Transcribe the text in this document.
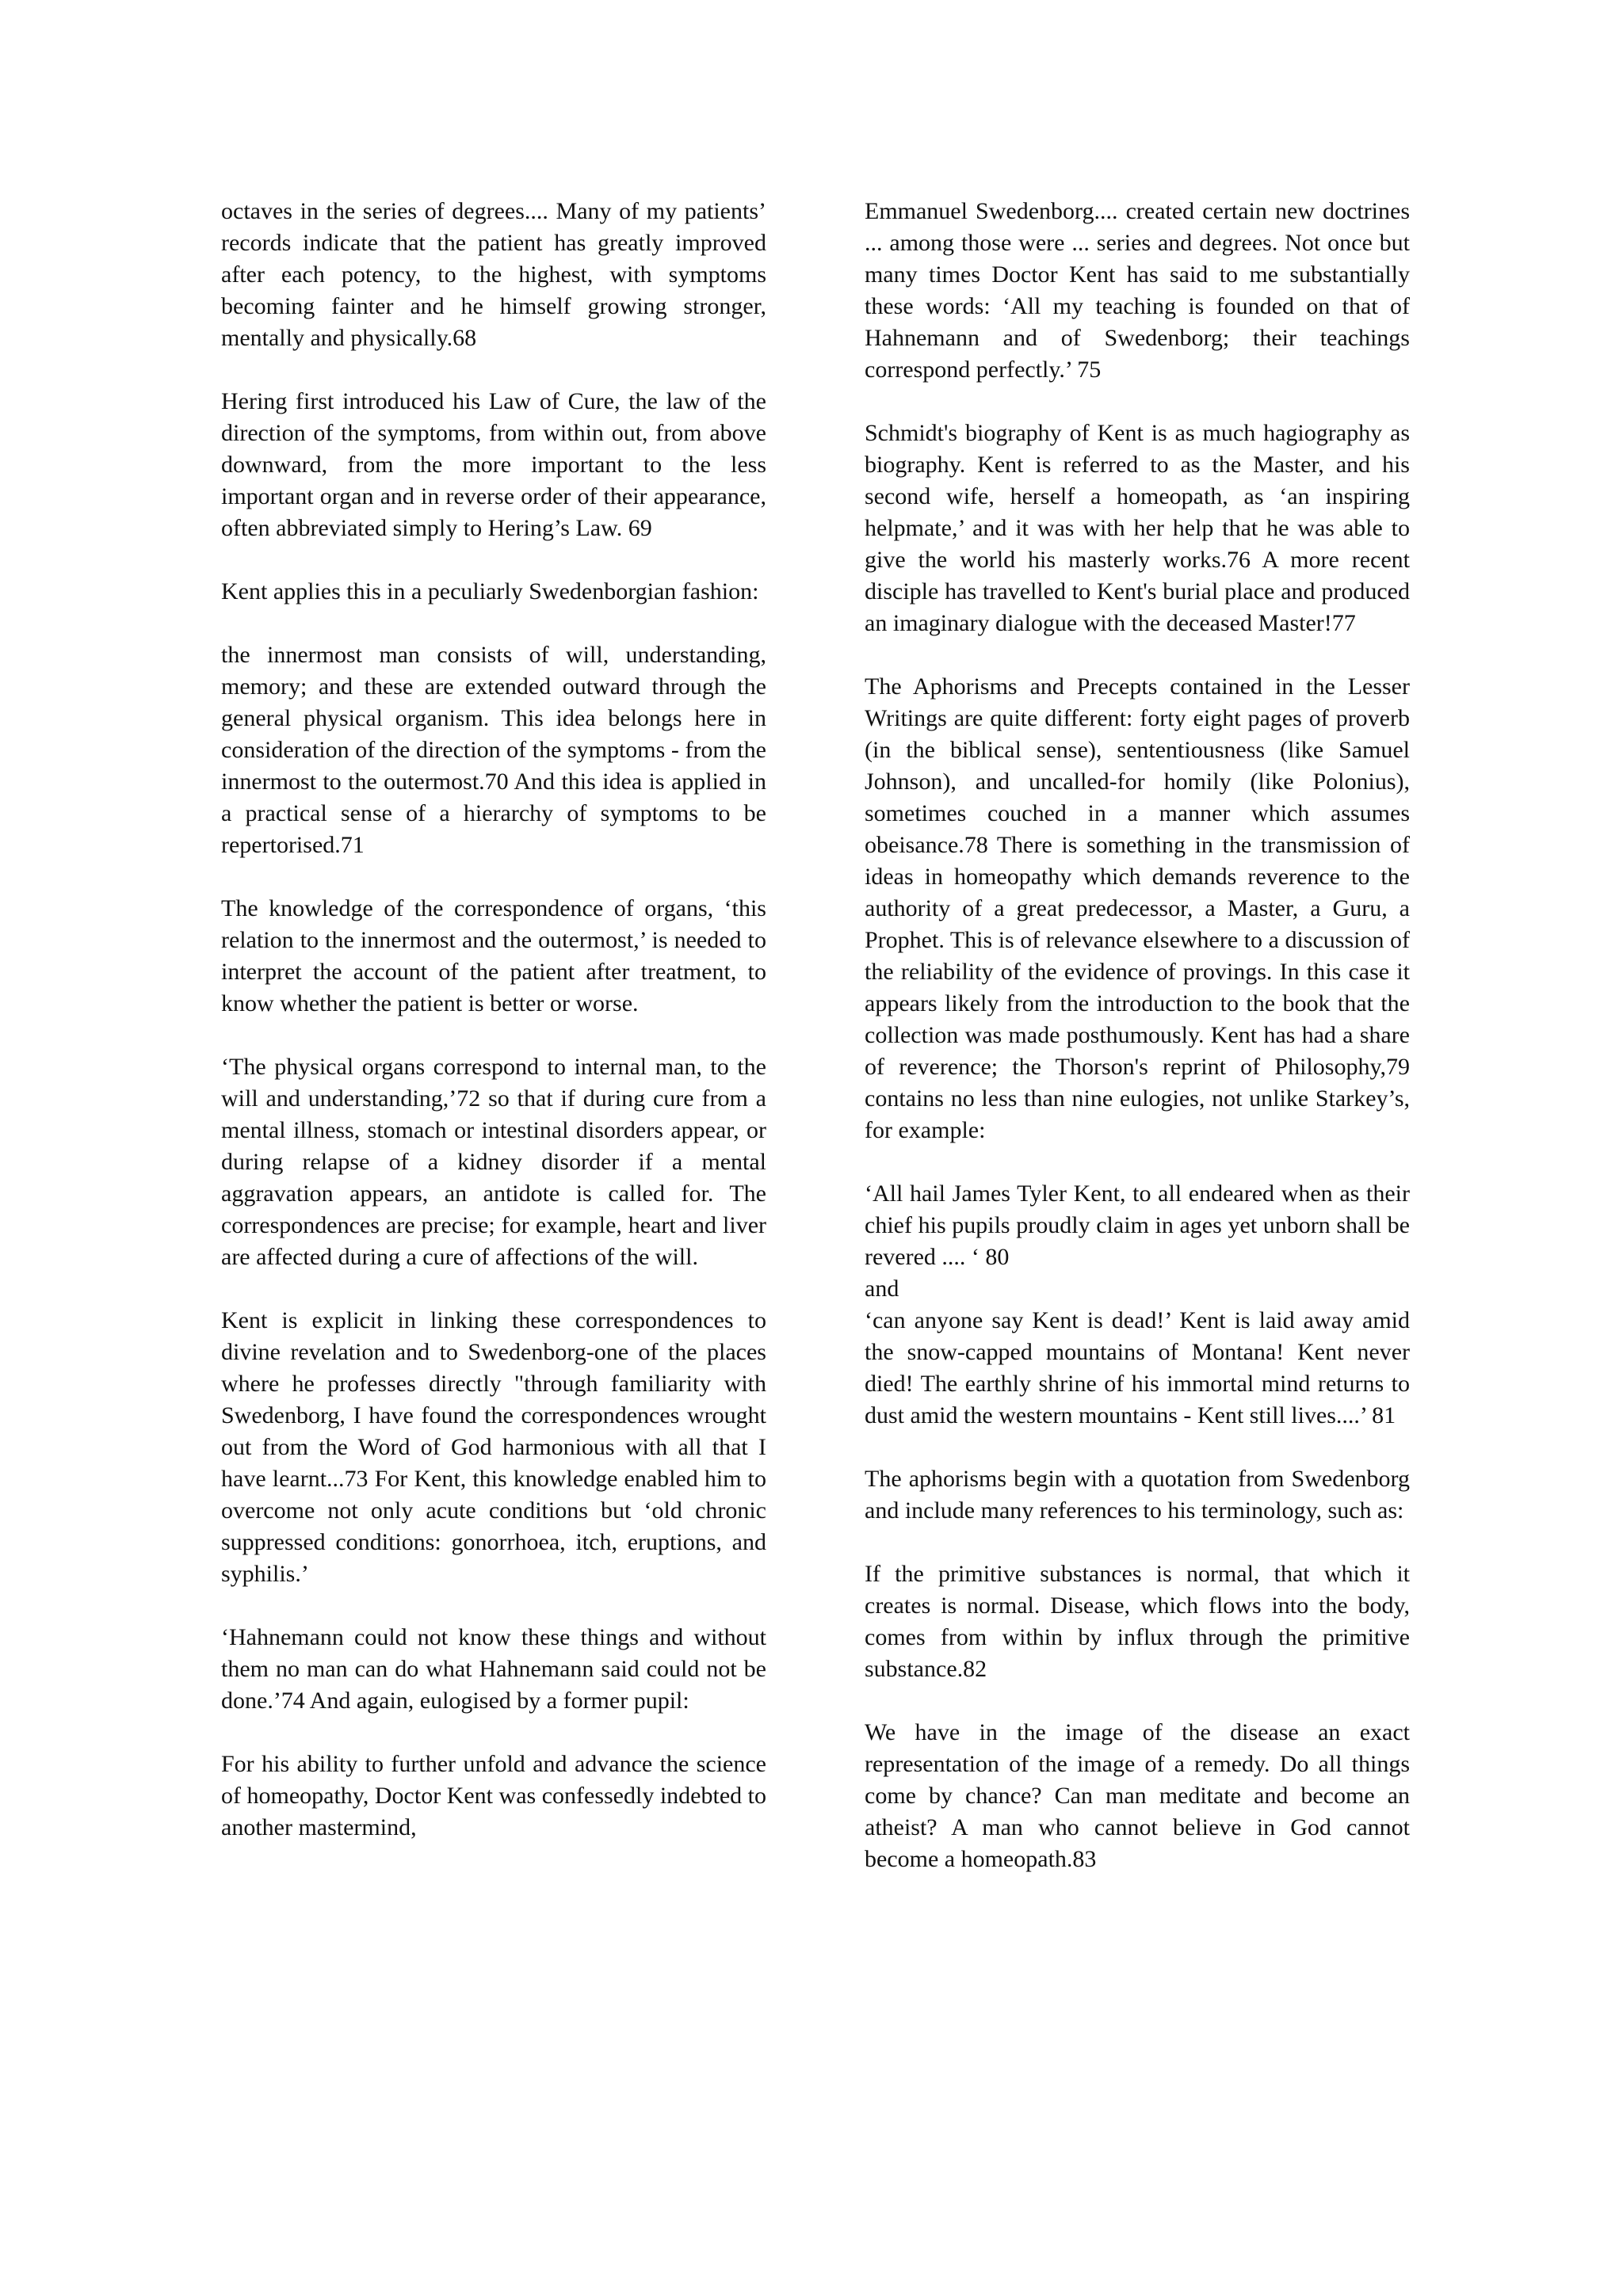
octaves in the series of degrees.... Many of my patients’ records indicate that the patient has greatly improved after each potency, to the highest, with symptoms becoming fainter and he himself growing stronger, mentally and physically.68

Hering first introduced his Law of Cure, the law of the direction of the symptoms, from within out, from above downward, from the more important to the less important organ and in reverse order of their appearance, often abbreviated simply to Hering’s Law. 69

Kent applies this in a peculiarly Swedenborgian fashion:

the innermost man consists of will, understanding, memory; and these are extended outward through the general physical organism. This idea belongs here in consideration of the direction of the symptoms - from the innermost to the outermost.70 And this idea is applied in a practical sense of a hierarchy of symptoms to be repertorised.71

The knowledge of the correspondence of organs, ‘this relation to the innermost and the outermost,’ is needed to interpret the account of the patient after treatment, to know whether the patient is better or worse.

‘The physical organs correspond to internal man, to the will and understanding,’72 so that if during cure from a mental illness, stomach or intestinal disorders appear, or during relapse of a kidney disorder if a mental aggravation appears, an antidote is called for. The correspondences are precise; for example, heart and liver are affected during a cure of affections of the will.

Kent is explicit in linking these correspondences to divine revelation and to Swedenborg-one of the places where he professes directly "through familiarity with Swedenborg, I have found the correspondences wrought out from the Word of God harmonious with all that I have learnt...73 For Kent, this knowledge enabled him to overcome not only acute conditions but ‘old chronic suppressed conditions: gonorrhoea, itch, eruptions, and syphilis.’

‘Hahnemann could not know these things and without them no man can do what Hahnemann said could not be done.’74 And again, eulogised by a former pupil:

For his ability to further unfold and advance the science of homeopathy, Doctor Kent was confessedly indebted to another mastermind,

Emmanuel Swedenborg.... created certain new doctrines ... among those were ... series and degrees. Not once but many times Doctor Kent has said to me substantially these words: ‘All my teaching is founded on that of Hahnemann and of Swedenborg; their teachings correspond perfectly.’ 75

Schmidt's biography of Kent is as much hagiography as biography. Kent is referred to as the Master, and his second wife, herself a homeopath, as ‘an inspiring helpmate,’ and it was with her help that he was able to give the world his masterly works.76 A more recent disciple has travelled to Kent's burial place and produced an imaginary dialogue with the deceased Master!77

The Aphorisms and Precepts contained in the Lesser Writings are quite different: forty eight pages of proverb (in the biblical sense), sententiousness (like Samuel Johnson), and uncalled-for homily (like Polonius), sometimes couched in a manner which assumes obeisance.78 There is something in the transmission of ideas in homeopathy which demands reverence to the authority of a great predecessor, a Master, a Guru, a Prophet. This is of relevance elsewhere to a discussion of the reliability of the evidence of provings. In this case it appears likely from the introduction to the book that the collection was made posthumously. Kent has had a share of reverence; the Thorson's reprint of Philosophy,79 contains no less than nine eulogies, not unlike Starkey’s, for example:

‘All hail James Tyler Kent, to all endeared when as their chief his pupils proudly claim in ages yet unborn shall be revered .... ‘ 80

and

‘can anyone say Kent is dead!’ Kent is laid away amid the snow-capped mountains of Montana! Kent never died! The earthly shrine of his immortal mind returns to dust amid the western mountains - Kent still lives....’ 81

The aphorisms begin with a quotation from Swedenborg and include many references to his terminology, such as:

If the primitive substances is normal, that which it creates is normal. Disease, which flows into the body, comes from within by influx through the primitive substance.82

We have in the image of the disease an exact representation of the image of a remedy. Do all things come by chance? Can man meditate and become an atheist? A man who cannot believe in God cannot become a homeopath.83
